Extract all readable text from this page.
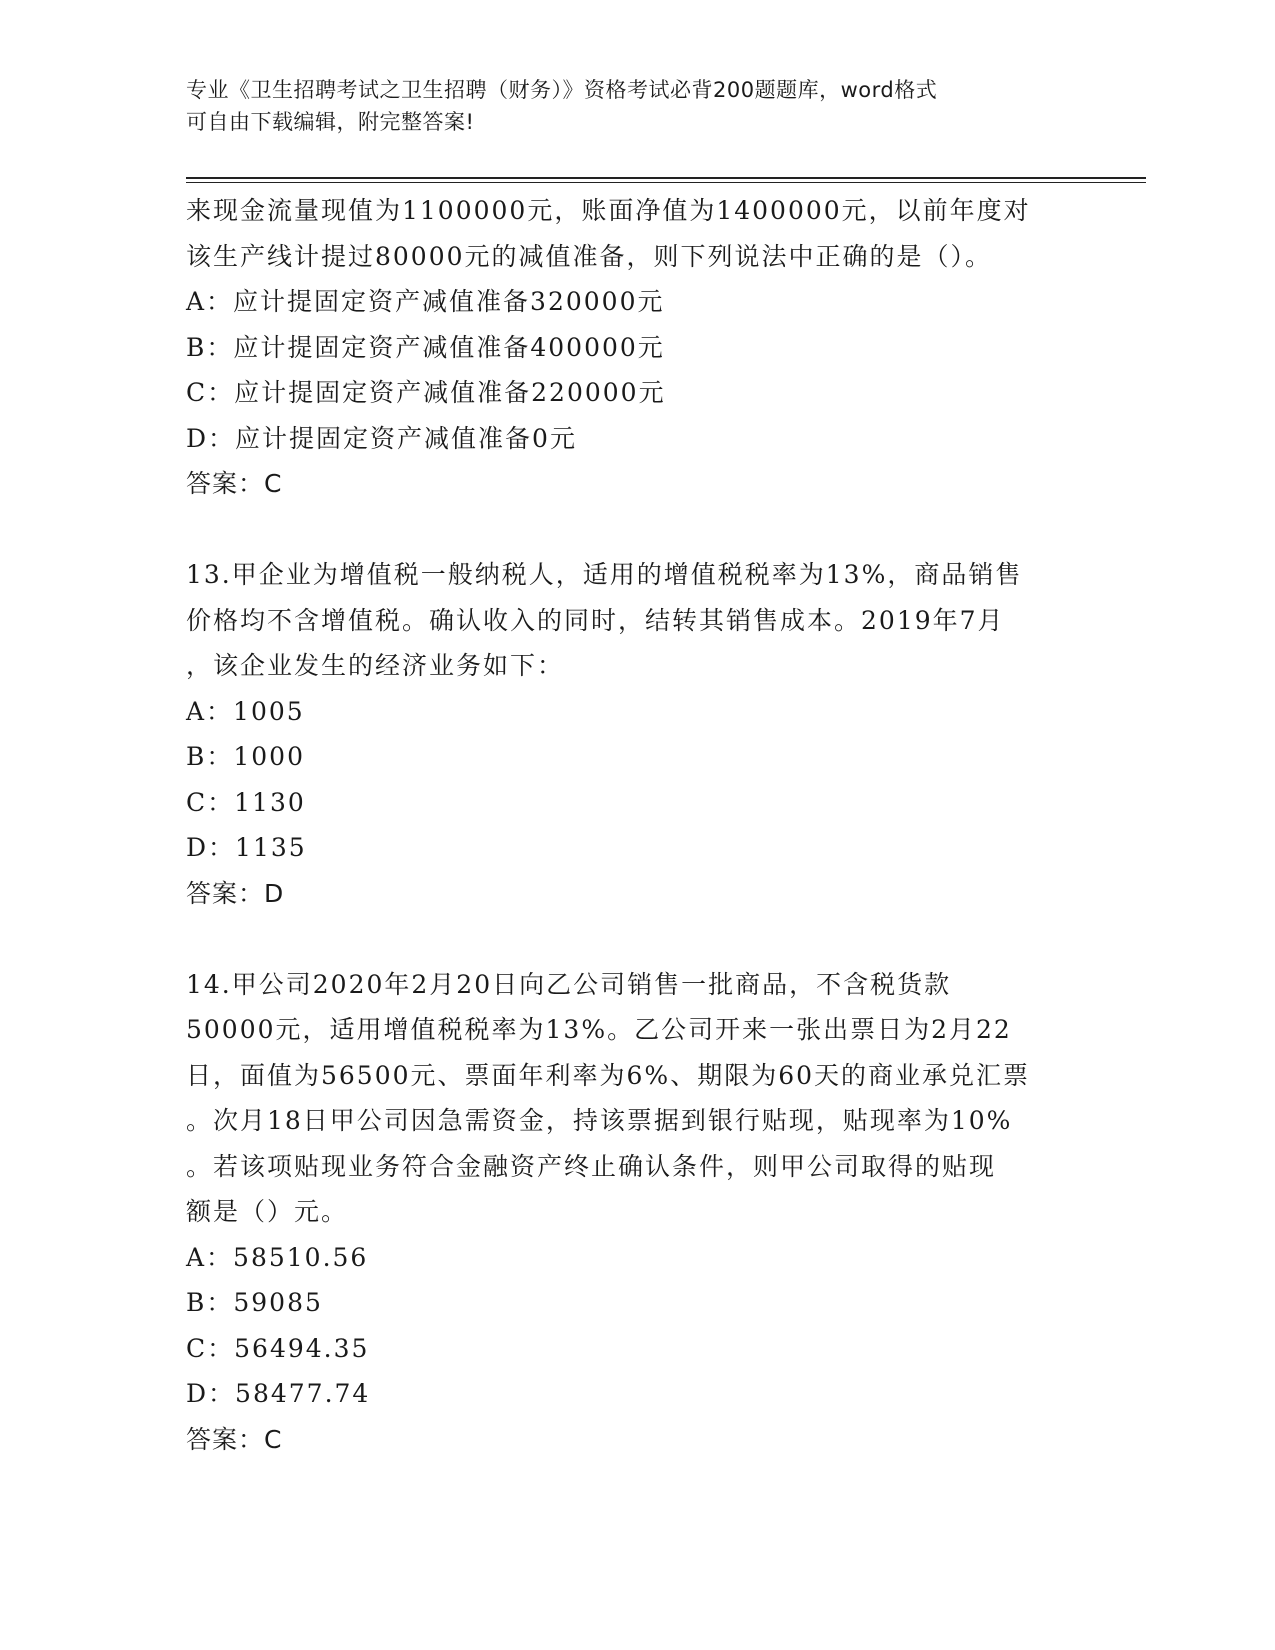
专业《卫生招聘考试之卫生招聘（财务）》资格考试必背200题题库，word格式
可自由下载编辑，附完整答案!
来现金流量现值为1100000元，账面净值为1400000元，以前年度对
该生产线计提过80000元的减值准备，则下列说法中正确的是（）。
A：应计提固定资产减值准备320000元
B：应计提固定资产减值准备400000元
C：应计提固定资产减值准备220000元
D：应计提固定资产减值准备0元
答案：C
13.甲企业为增值税一般纳税人，适用的增值税税率为13%，商品销售
价格均不含增值税。确认收入的同时，结转其销售成本。2019年7月
，该企业发生的经济业务如下：
A：1005
B：1000
C：1130
D：1135
答案：D
14.甲公司2020年2月20日向乙公司销售一批商品，不含税货款
50000元，适用增值税税率为13%。乙公司开来一张出票日为2月22
日，面值为56500元、票面年利率为6%、期限为60天的商业承兑汇票
。次月18日甲公司因急需资金，持该票据到银行贴现，贴现率为10%
。若该项贴现业务符合金融资产终止确认条件，则甲公司取得的贴现
额是（）元。
A：58510.56
B：59085
C：56494.35
D：58477.74
答案：C
